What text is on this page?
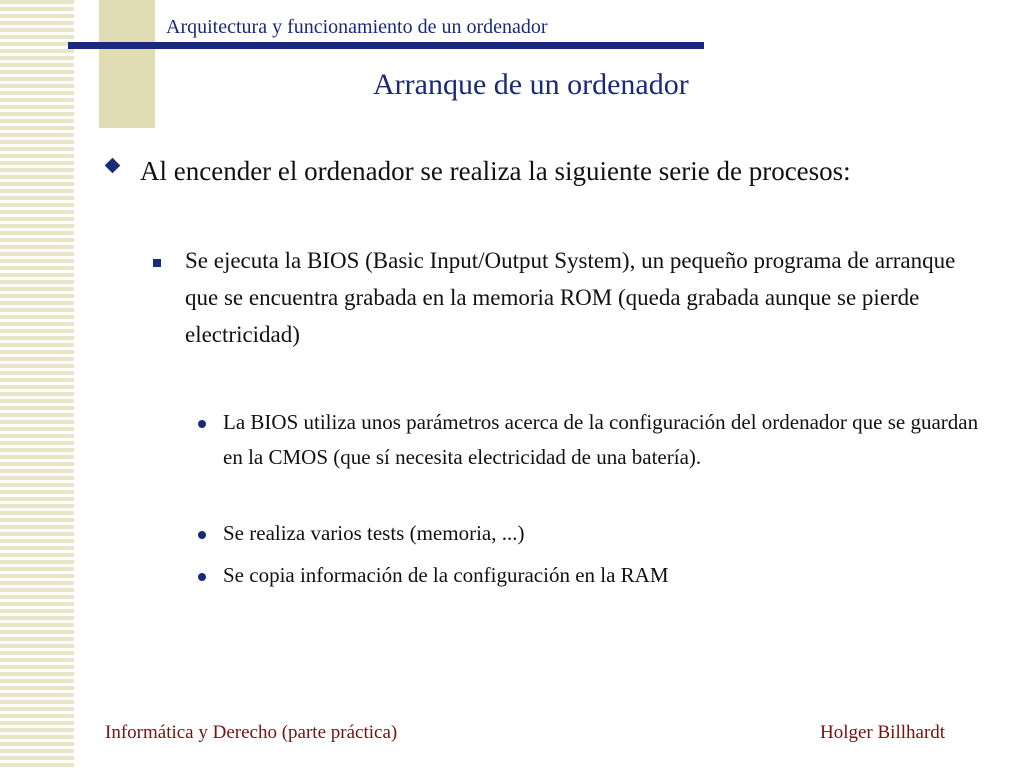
Arquitectura y funcionamiento de un ordenador
Arranque de un ordenador
Al encender el ordenador se realiza la siguiente serie de procesos:
Se ejecuta la BIOS (Basic Input/Output System), un pequeño programa de arranque que se encuentra grabada en la memoria ROM (queda grabada aunque se pierde electricidad)
La BIOS utiliza unos parámetros acerca de la configuración del ordenador que se guardan en la CMOS (que sí necesita electricidad de una batería).
Se realiza varios tests (memoria, ...)
Se copia información de la configuración en la RAM
Informática y Derecho (parte práctica)	Holger Billhardt
